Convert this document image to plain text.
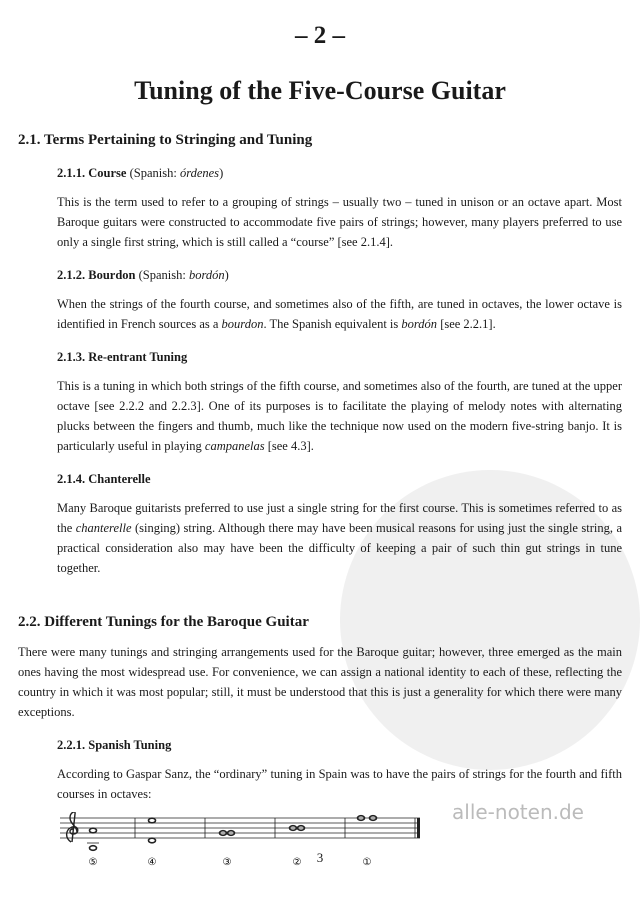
alle-noten.de
– 2 –
Tuning of the Five-Course Guitar
2.1. Terms Pertaining to Stringing and Tuning
2.1.1. Course (Spanish: órdenes)
This is the term used to refer to a grouping of strings – usually two – tuned in unison or an octave apart. Most Baroque guitars were constructed to accommodate five pairs of strings; however, many players preferred to use only a single first string, which is still called a “course” [see 2.1.4].
2.1.2. Bourdon (Spanish: bordón)
When the strings of the fourth course, and sometimes also of the fifth, are tuned in octaves, the lower octave is identified in French sources as a bourdon. The Spanish equivalent is bordón [see 2.2.1].
2.1.3. Re-entrant Tuning
This is a tuning in which both strings of the fifth course, and sometimes also of the fourth, are tuned at the upper octave [see 2.2.2 and 2.2.3]. One of its purposes is to facilitate the playing of melody notes with alternating plucks between the fingers and thumb, much like the technique now used on the modern five-string banjo. It is particularly useful in playing campanelas [see 4.3].
2.1.4. Chanterelle
Many Baroque guitarists preferred to use just a single string for the first course. This is sometimes referred to as the chanterelle (singing) string. Although there may have been musical reasons for using just the single string, a practical consideration also may have been the difficulty of keeping a pair of such thin gut strings in tune together.
2.2. Different Tunings for the Baroque Guitar
There were many tunings and stringing arrangements used for the Baroque guitar; however, three emerged as the main ones having the most widespread use. For convenience, we can assign a national identity to each of these, reflecting the country in which it was most popular; still, it must be understood that this is just a generality for which there were many exceptions.
2.2.1. Spanish Tuning
According to Gaspar Sanz, the “ordinary” tuning in Spain was to have the pairs of strings for the fourth and fifth courses in octaves:
⑤	④	③	②	①
3
